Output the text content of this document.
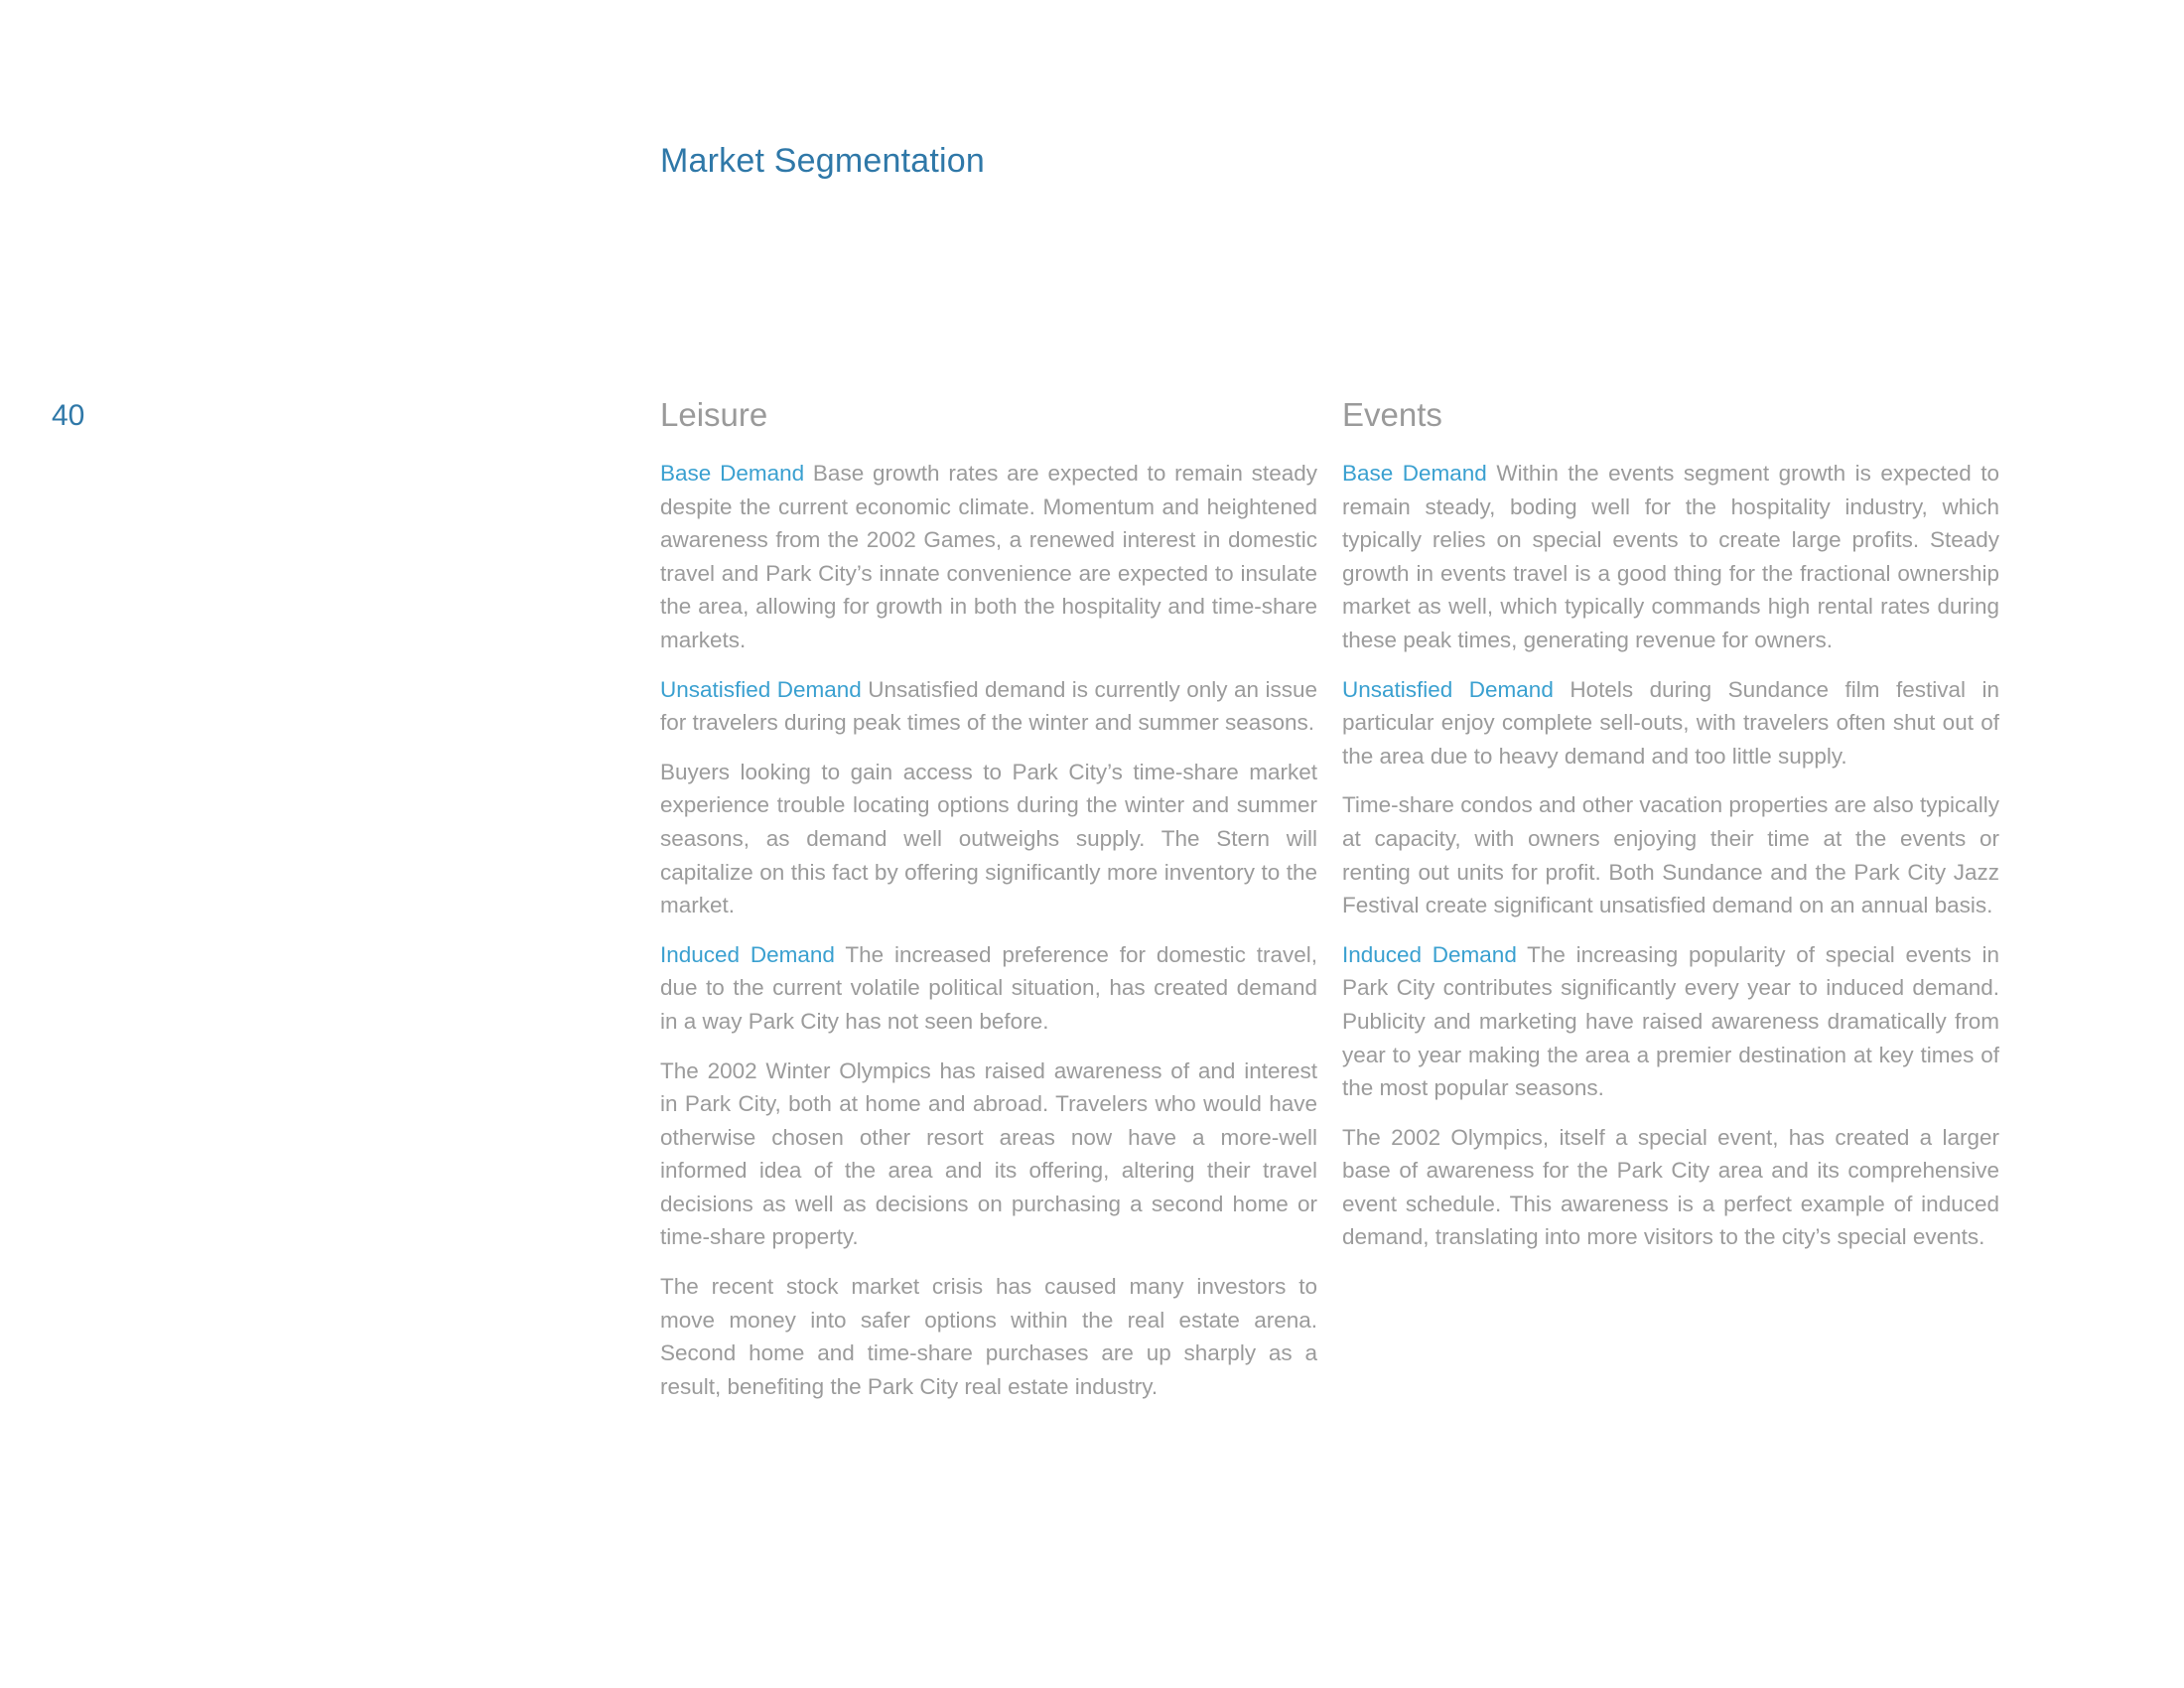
Market Segmentation
40	Leisure

Base Demand Base growth rates are expected to remain steady despite the current economic climate. Momentum and heightened awareness from the 2002 Games, a renewed interest in domestic travel and Park City’s innate convenience are expected to insulate the area, allowing for growth in both the hospitality and time-share markets.

Unsatisfied Demand Unsatisfied demand is currently only an issue for travelers during peak times of the winter and summer seasons.

Buyers looking to gain access to Park City’s time-share market experience trouble locating options during the winter and summer seasons, as demand well outweighs supply. The Stern will capitalize on this fact by offering significantly more inventory to the market.

Induced Demand The increased preference for domestic travel, due to the current volatile political situation, has created demand in a way Park City has not seen before.

The 2002 Winter Olympics has raised awareness of and interest in Park City, both at home and abroad. Travelers who would have otherwise chosen other resort areas now have a more-well informed idea of the area and its offering, altering their travel decisions as well as decisions on purchasing a second home or time-share property.

The recent stock market crisis has caused many investors to move money into safer options within the real estate arena. Second home and time-share purchases are up sharply as a result, benefiting the Park City real estate industry.

Events

Base Demand Within the events segment growth is expected to remain steady, boding well for the hospitality industry, which typically relies on special events to create large profits. Steady growth in events travel is a good thing for the fractional ownership market as well, which typically commands high rental rates during these peak times, generating revenue for owners.

Unsatisfied Demand Hotels during Sundance film festival in particular enjoy complete sell-outs, with travelers often shut out of the area due to heavy demand and too little supply.

Time-share condos and other vacation properties are also typically at capacity, with owners enjoying their time at the events or renting out units for profit. Both Sundance and the Park City Jazz Festival create significant unsatisfied demand on an annual basis.

Induced Demand The increasing popularity of special events in Park City contributes significantly every year to induced demand. Publicity and marketing have raised awareness dramatically from year to year making the area a premier destination at key times of the most popular seasons.

The 2002 Olympics, itself a special event, has created a larger base of awareness for the Park City area and its comprehensive event schedule. This awareness is a perfect example of induced demand, translating into more visitors to the city’s special events.
